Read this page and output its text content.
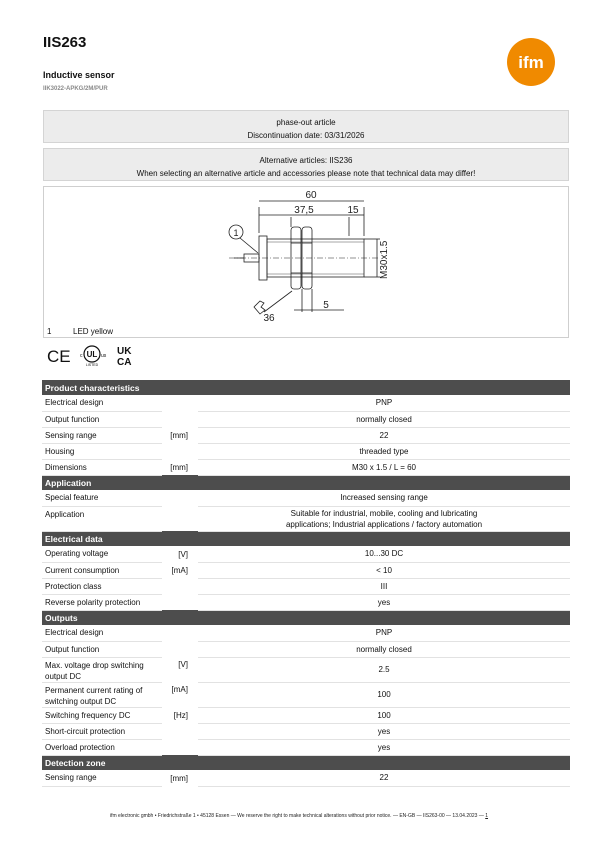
IIS263
Inductive sensor
IIK3022-APKG/2M/PUR
ifm
phase-out article
Discontinuation date: 03/31/2026
Alternative articles: IIS236
When selecting an alternative article and accessories please note that technical data may differ!
60
37,5	15
5
36
1
M30x1.5
1	LED yellow
CE UL
c	us
LISTED
UK
CA
Product characteristics			
Electrical design			PNP
Output function			normally closed
Sensing range	[mm]		22
Housing			threaded type
Dimensions	[mm]		M30 x 1.5 / L = 60
Application			
Special feature			Increased sensing range
Application			Suitable for industrial, mobile, cooling and lubricating
applications; Industrial applications / factory automation

Electrical data			
Operating voltage	[V]		10...30 DC
Current consumption	[mA]		< 10
Protection class			III
Reverse polarity protection			yes
Outputs			
Electrical design			PNP
Output function			normally closed

Max. voltage drop switching
output DC	[V]		2.5

Permanent current rating of
switching output DC	[mA]		100
Switching frequency DC	[Hz]		100
Short-circuit protection			yes
Overload protection			yes
Detection zone			
Sensing range	[mm]		22
ifm electronic gmbh • Friedrichstraße 1 • 45128 Essen — We reserve the right to make technical alterations without prior notice. — EN-GB — IIS263-00 — 13.04.2023 — 1
